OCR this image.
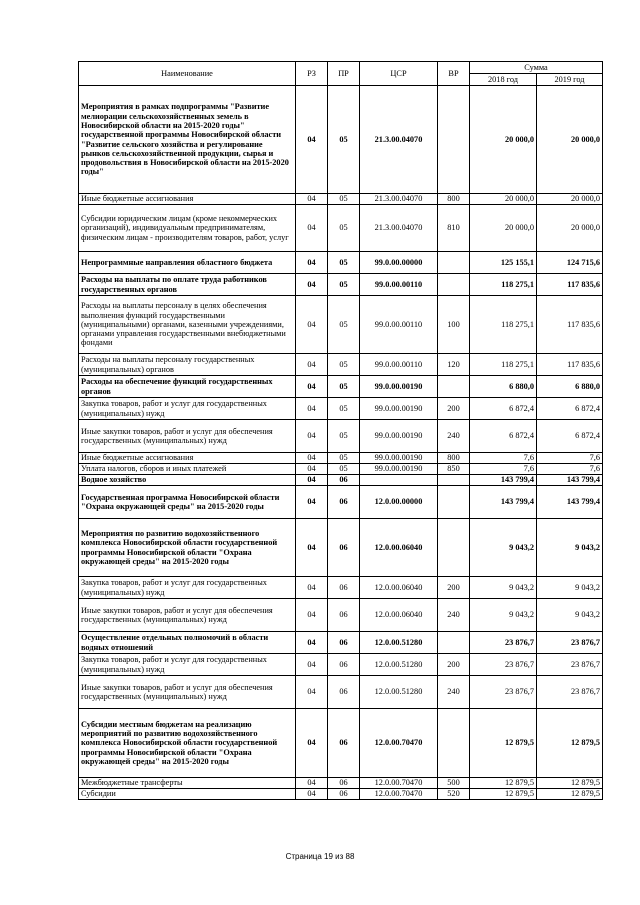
Наименование	РЗ	ПР	ЦСР	ВР	Сумма	
					2018 год	2019 год
Мероприятия в рамках подпрограммы "Развитие мелиорации сельскохозяйственных земель в Новосибирской области на 2015-2020 годы" государственной программы Новосибирской области "Развитие сельского хозяйства и регулирование рынков сельскохозяйственной продукции, сырья и продовольствия в Новосибирской области на 2015-2020 годы"	04	05	21.3.00.04070		20 000,0	20 000,0
Иные бюджетные ассигнования	04	05	21.3.00.04070	800	20 000,0	20 000,0
Субсидии юридическим лицам (кроме некоммерческих организаций), индивидуальным предпринимателям, физическим лицам - производителям товаров, работ, услуг	04	05	21.3.00.04070	810	20 000,0	20 000,0
Непрограммные направления областного бюджета	04	05	99.0.00.00000		125 155,1	124 715,6
Расходы на выплаты по оплате труда работников государственных органов	04	05	99.0.00.00110		118 275,1	117 835,6
Расходы на выплаты персоналу в целях обеспечения выполнения функций государственными (муниципальными) органами, казенными учреждениями, органами управления государственными внебюджетными фондами	04	05	99.0.00.00110	100	118 275,1	117 835,6
Расходы на выплаты персоналу государственных (муниципальных) органов	04	05	99.0.00.00110	120	118 275,1	117 835,6
Расходы на обеспечение функций государственных органов	04	05	99.0.00.00190		6 880,0	6 880,0
Закупка товаров, работ и услуг для государственных (муниципальных) нужд	04	05	99.0.00.00190	200	6 872,4	6 872,4
Иные закупки товаров, работ и услуг для обеспечения государственных (муниципальных) нужд	04	05	99.0.00.00190	240	6 872,4	6 872,4
Иные бюджетные ассигнования	04	05	99.0.00.00190	800	7,6	7,6
Уплата налогов, сборов и иных платежей	04	05	99.0.00.00190	850	7,6	7,6
Водное хозяйство	04	06			143 799,4	143 799,4
Государственная программа Новосибирской области "Охрана окружающей среды" на 2015-2020 годы	04	06	12.0.00.00000		143 799,4	143 799,4
Мероприятия по развитию водохозяйственного комплекса Новосибирской области государственной программы Новосибирской области "Охрана окружающей среды" на 2015-2020 годы	04	06	12.0.00.06040		9 043,2	9 043,2
Закупка товаров, работ и услуг для государственных (муниципальных) нужд	04	06	12.0.00.06040	200	9 043,2	9 043,2
Иные закупки товаров, работ и услуг для обеспечения государственных (муниципальных) нужд	04	06	12.0.00.06040	240	9 043,2	9 043,2
Осуществление отдельных полномочий в области водных отношений	04	06	12.0.00.51280		23 876,7	23 876,7
Закупка товаров, работ и услуг для государственных (муниципальных) нужд	04	06	12.0.00.51280	200	23 876,7	23 876,7
Иные закупки товаров, работ и услуг для обеспечения государственных (муниципальных) нужд	04	06	12.0.00.51280	240	23 876,7	23 876,7
Субсидии местным бюджетам на реализацию мероприятий по развитию водохозяйственного комплекса Новосибирской области государственной программы Новосибирской области "Охрана окружающей среды" на 2015-2020 годы	04	06	12.0.00.70470		12 879,5	12 879,5
Межбюджетные трансферты	04	06	12.0.00.70470	500	12 879,5	12 879,5
Субсидии	04	06	12.0.00.70470	520	12 879,5	12 879,5
Страница 19 из 88
